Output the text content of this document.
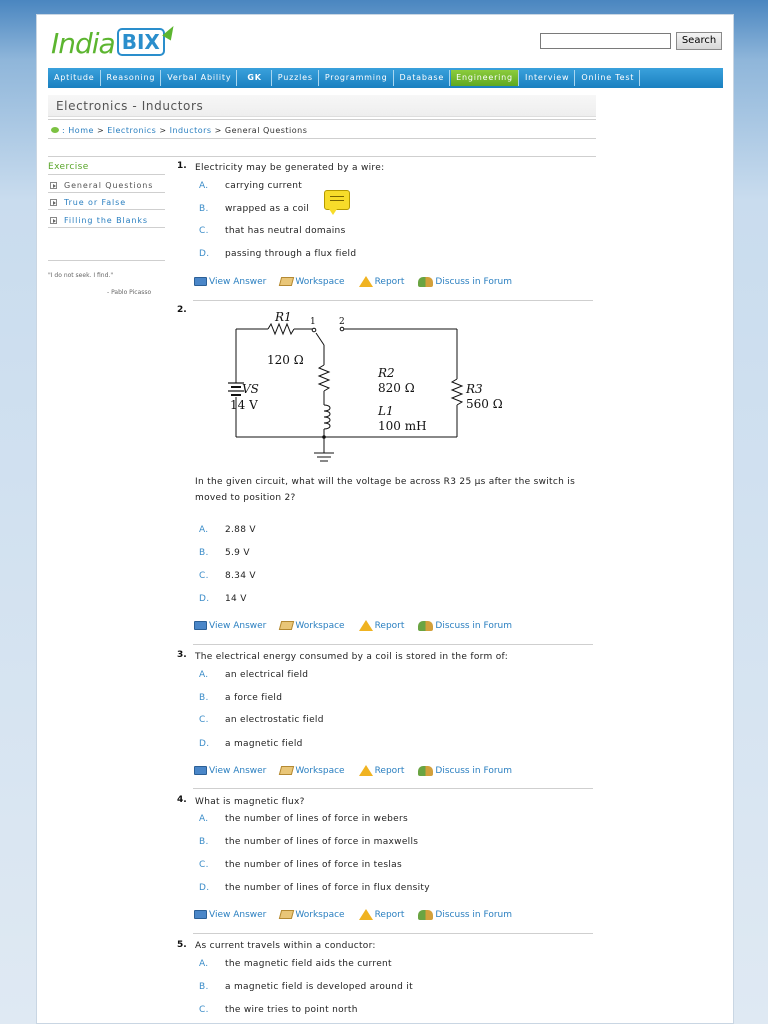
India BIX	Search
Aptitude	Reasoning	Verbal Ability	GK	Puzzles	Programming	Database	Engineering	Interview	Online Test
Electronics - Inductors
: Home > Electronics > Inductors > General Questions
Exercise
General Questions
True or False
Filling the Blanks
"I do not seek. I find."
- Pablo Picasso
1. Electricity may be generated by a wire:
A. carrying current
B. wrapped as a coil
C. that has neutral domains
D. passing through a flux field
View Answer	Workspace	Report	Discuss in Forum
2.
1	2
R1
120 Ω
VS
14 V
R2
820 Ω
L1
100 mH
R3
560 Ω
In the given circuit, what will the voltage be across R3 25 μs after the switch is
moved to position 2?
A. 2.88 V
B. 5.9 V
C. 8.34 V
D. 14 V
View Answer	Workspace	Report	Discuss in Forum
3. The electrical energy consumed by a coil is stored in the form of:
A. an electrical field
B. a force field
C. an electrostatic field
D. a magnetic field
View Answer	Workspace	Report	Discuss in Forum
4. What is magnetic flux?
A. the number of lines of force in webers
B. the number of lines of force in maxwells
C. the number of lines of force in teslas
D. the number of lines of force in flux density
View Answer	Workspace	Report	Discuss in Forum
5. As current travels within a conductor:
A. the magnetic field aids the current
B. a magnetic field is developed around it
C. the wire tries to point north
